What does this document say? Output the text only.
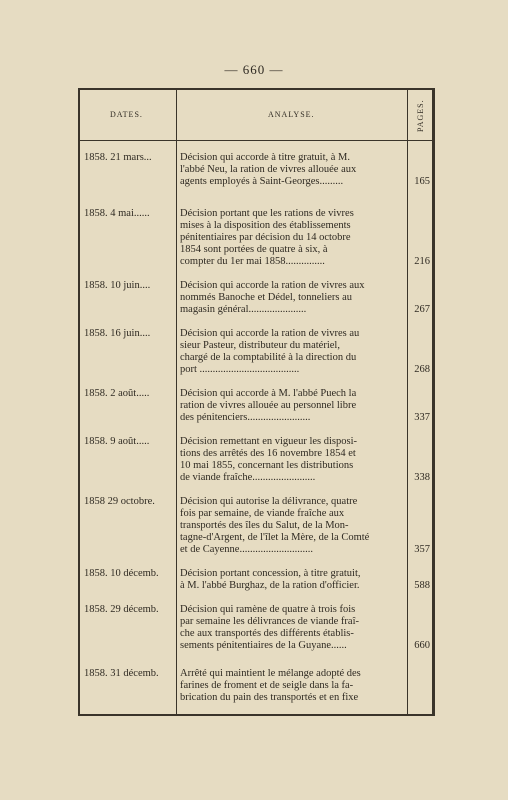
— 660 —
DATES.	ANALYSE.	PAGES.
1858. 21 mars...	Décision qui accorde à titre gratuit, à M.
l'abbé Neu, la ration de vivres allouée aux
agents employés à Saint-Georges.........	165
1858. 4 mai......	Décision portant que les rations de vivres
mises à la disposition des établissements
pénitentiaires par décision du 14 octobre
1854 sont portées de quatre à six, à
compter du 1er mai 1858...............	216
1858. 10 juin....	Décision qui accorde la ration de vivres aux
nommés Banoche et Dédel, tonneliers au
magasin général......................	267
1858. 16 juin....	Décision qui accorde la ration de vivres au
sieur Pasteur, distributeur du matériel,
chargé de la comptabilité à la direction du
port ......................................	268
1858. 2 août.....	Décision qui accorde à M. l'abbé Puech la
ration de vivres allouée au personnel libre
des pénitenciers........................	337
1858. 9 août.....	Décision remettant en vigueur les disposi-
tions des arrêtés des 16 novembre 1854 et
10 mai 1855, concernant les distributions
de viande fraîche........................	338
1858 29 octobre.	Décision qui autorise la délivrance, quatre
fois par semaine, de viande fraîche aux
transportés des îles du Salut, de la Mon-
tagne-d'Argent, de l'îlet la Mère, de la Comté
et de Cayenne............................	357
1858. 10 décemb.	Décision portant concession, à titre gratuit,
à M. l'abbé Burghaz, de la ration d'officier.	588
1858. 29 décemb.	Décision qui ramène de quatre à trois fois
par semaine les délivrances de viande fraî-
che aux transportés des différents établis-
sements pénitentiaires de la Guyane......	660
1858. 31 décemb.	Arrêté qui maintient le mélange adopté des
farines de froment et de seigle dans la fa-
brication du pain des transportés et en fixe
